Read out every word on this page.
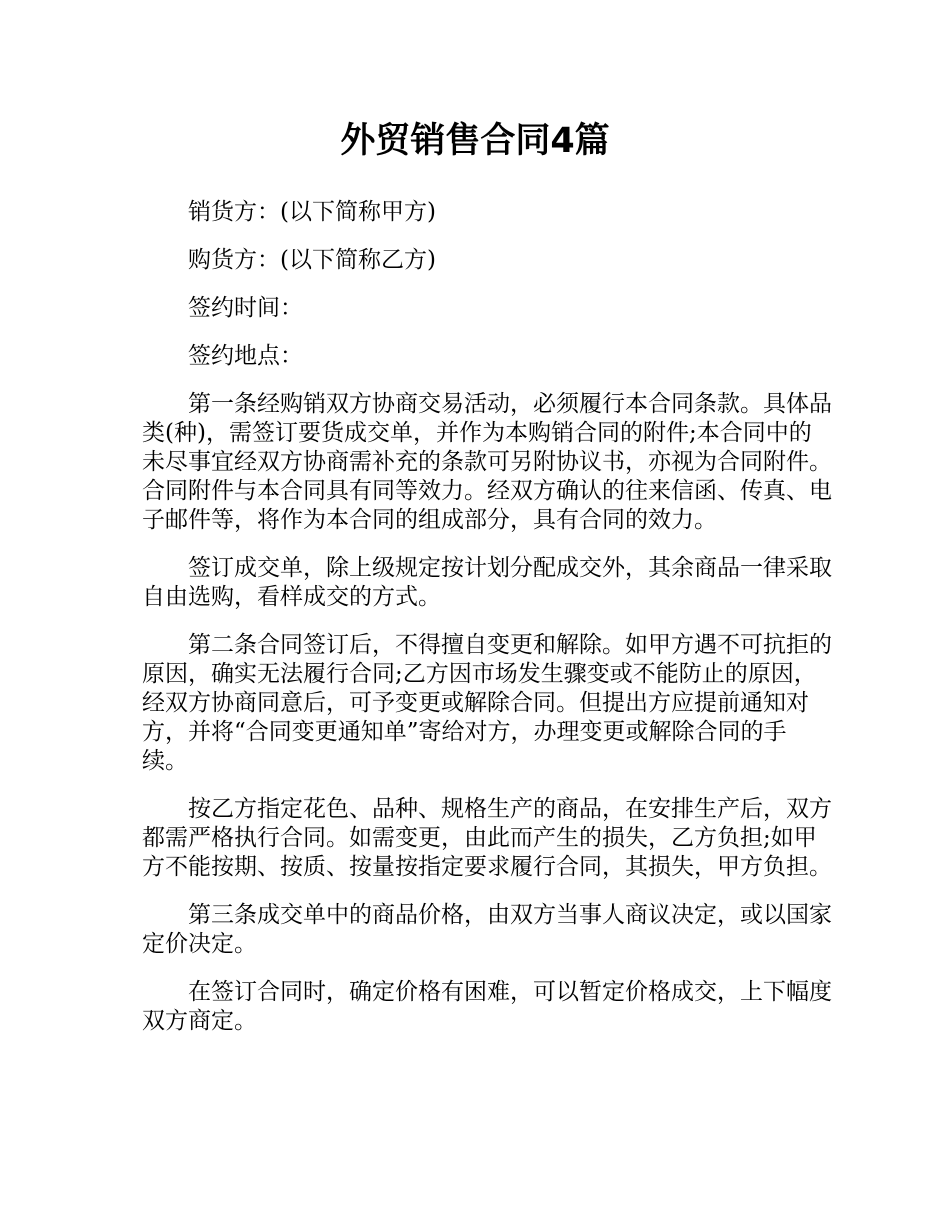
外贸销售合同4篇

销货方：(以下简称甲方)

购货方：(以下简称乙方)

签约时间：

签约地点：

第一条经购销双方协商交易活动，必须履行本合同条款。具体品类(种)，需签订要货成交单，并作为本购销合同的附件;本合同中的未尽事宜经双方协商需补充的条款可另附协议书，亦视为合同附件。合同附件与本合同具有同等效力。经双方确认的往来信函、传真、电子邮件等，将作为本合同的组成部分，具有合同的效力。

签订成交单，除上级规定按计划分配成交外，其余商品一律采取自由选购，看样成交的方式。

第二条合同签订后，不得擅自变更和解除。如甲方遇不可抗拒的原因，确实无法履行合同;乙方因市场发生骤变或不能防止的原因，经双方协商同意后，可予变更或解除合同。但提出方应提前通知对方，并将“合同变更通知单”寄给对方，办理变更或解除合同的手续。

按乙方指定花色、品种、规格生产的商品，在安排生产后，双方都需严格执行合同。如需变更，由此而产生的损失，乙方负担;如甲方不能按期、按质、按量按指定要求履行合同，其损失，甲方负担。

第三条成交单中的商品价格，由双方当事人商议决定，或以国家定价决定。

在签订合同时，确定价格有困难，可以暂定价格成交，上下幅度双方商定。
